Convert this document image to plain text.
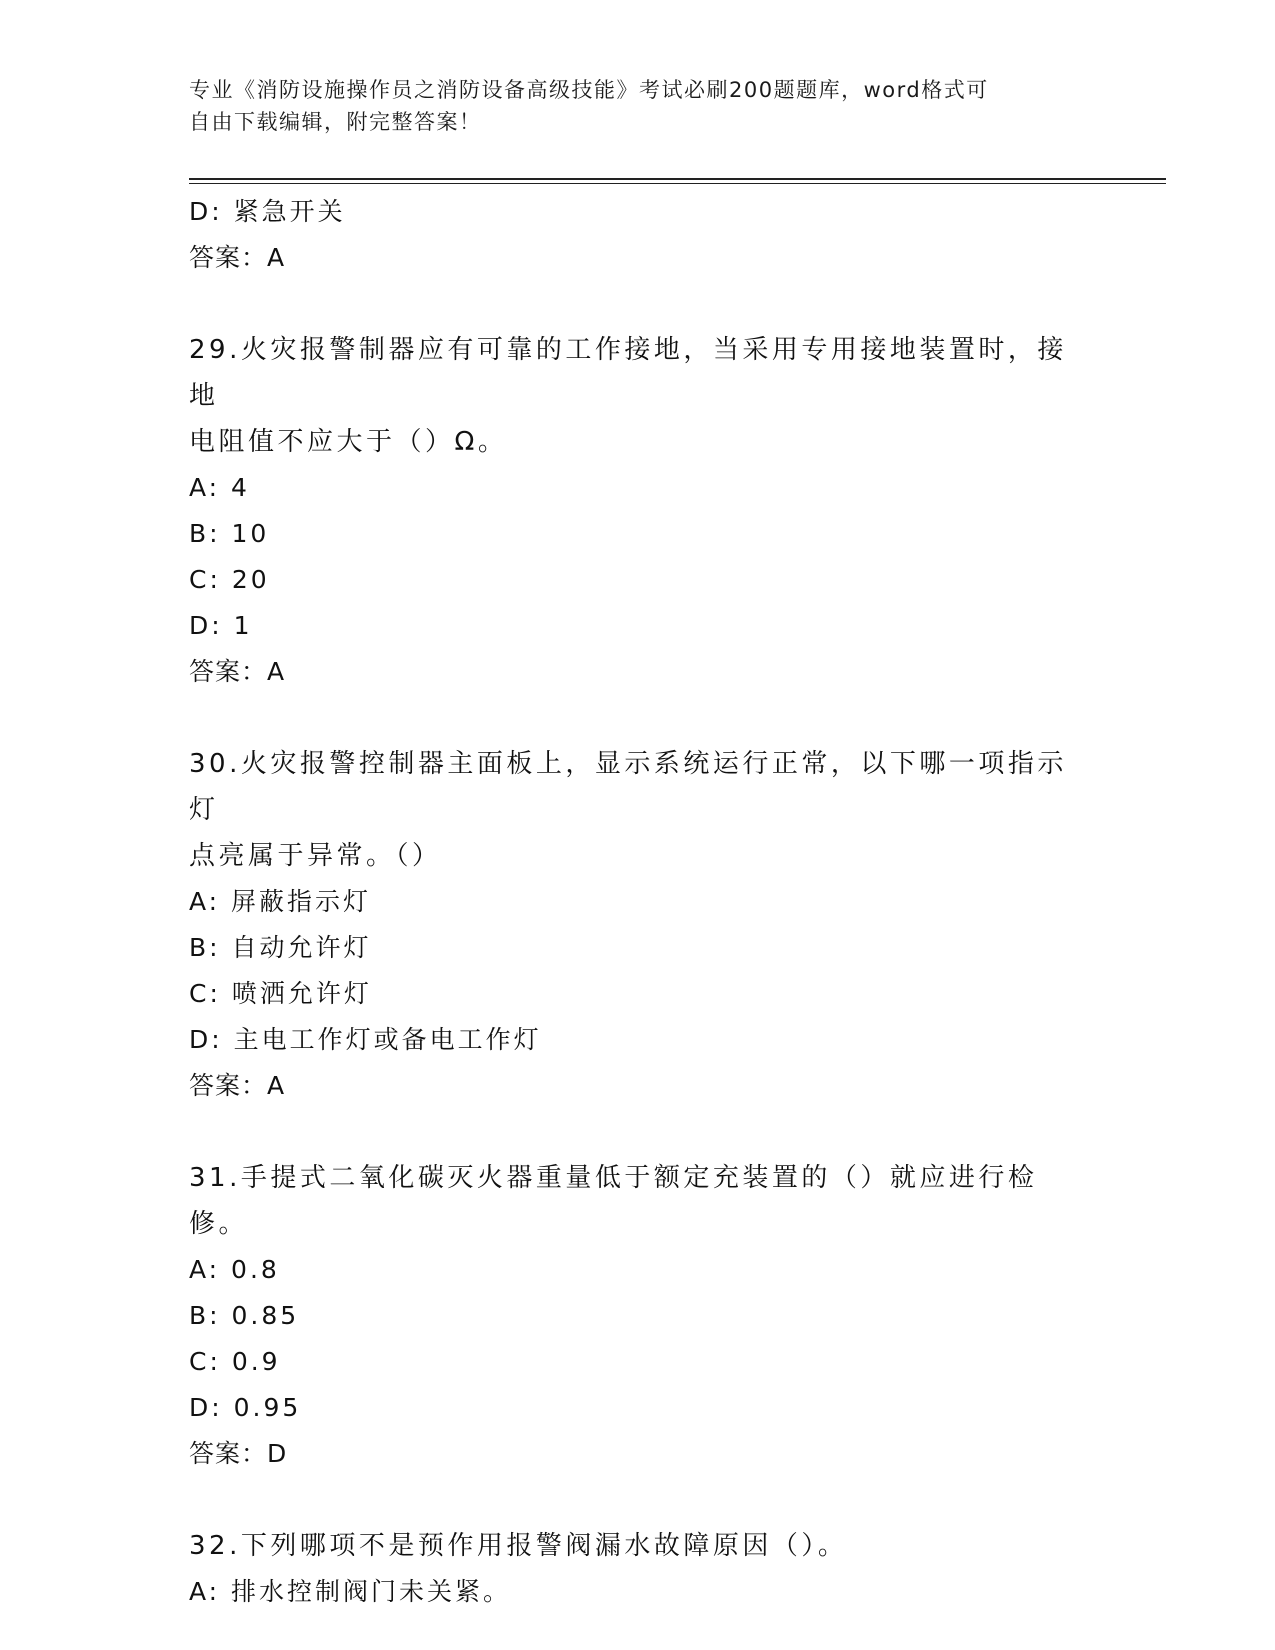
专业《消防设施操作员之消防设备高级技能》考试必刷200题题库，word格式可
自由下载编辑，附完整答案！
D: 紧急开关
答案：A
29.火灾报警制器应有可靠的工作接地，当采用专用接地装置时，接地
电阻值不应大于（）Ω。
A: 4
B: 10
C: 20
D: 1
答案：A
30.火灾报警控制器主面板上，显示系统运行正常，以下哪一项指示灯
点亮属于异常。（）
A: 屏蔽指示灯
B: 自动允许灯
C: 喷洒允许灯
D: 主电工作灯或备电工作灯
答案：A
31.手提式二氧化碳灭火器重量低于额定充装置的（）就应进行检修。
A: 0.8
B: 0.85
C: 0.9
D: 0.95
答案：D
32.下列哪项不是预作用报警阀漏水故障原因（）。
A: 排水控制阀门未关紧。
